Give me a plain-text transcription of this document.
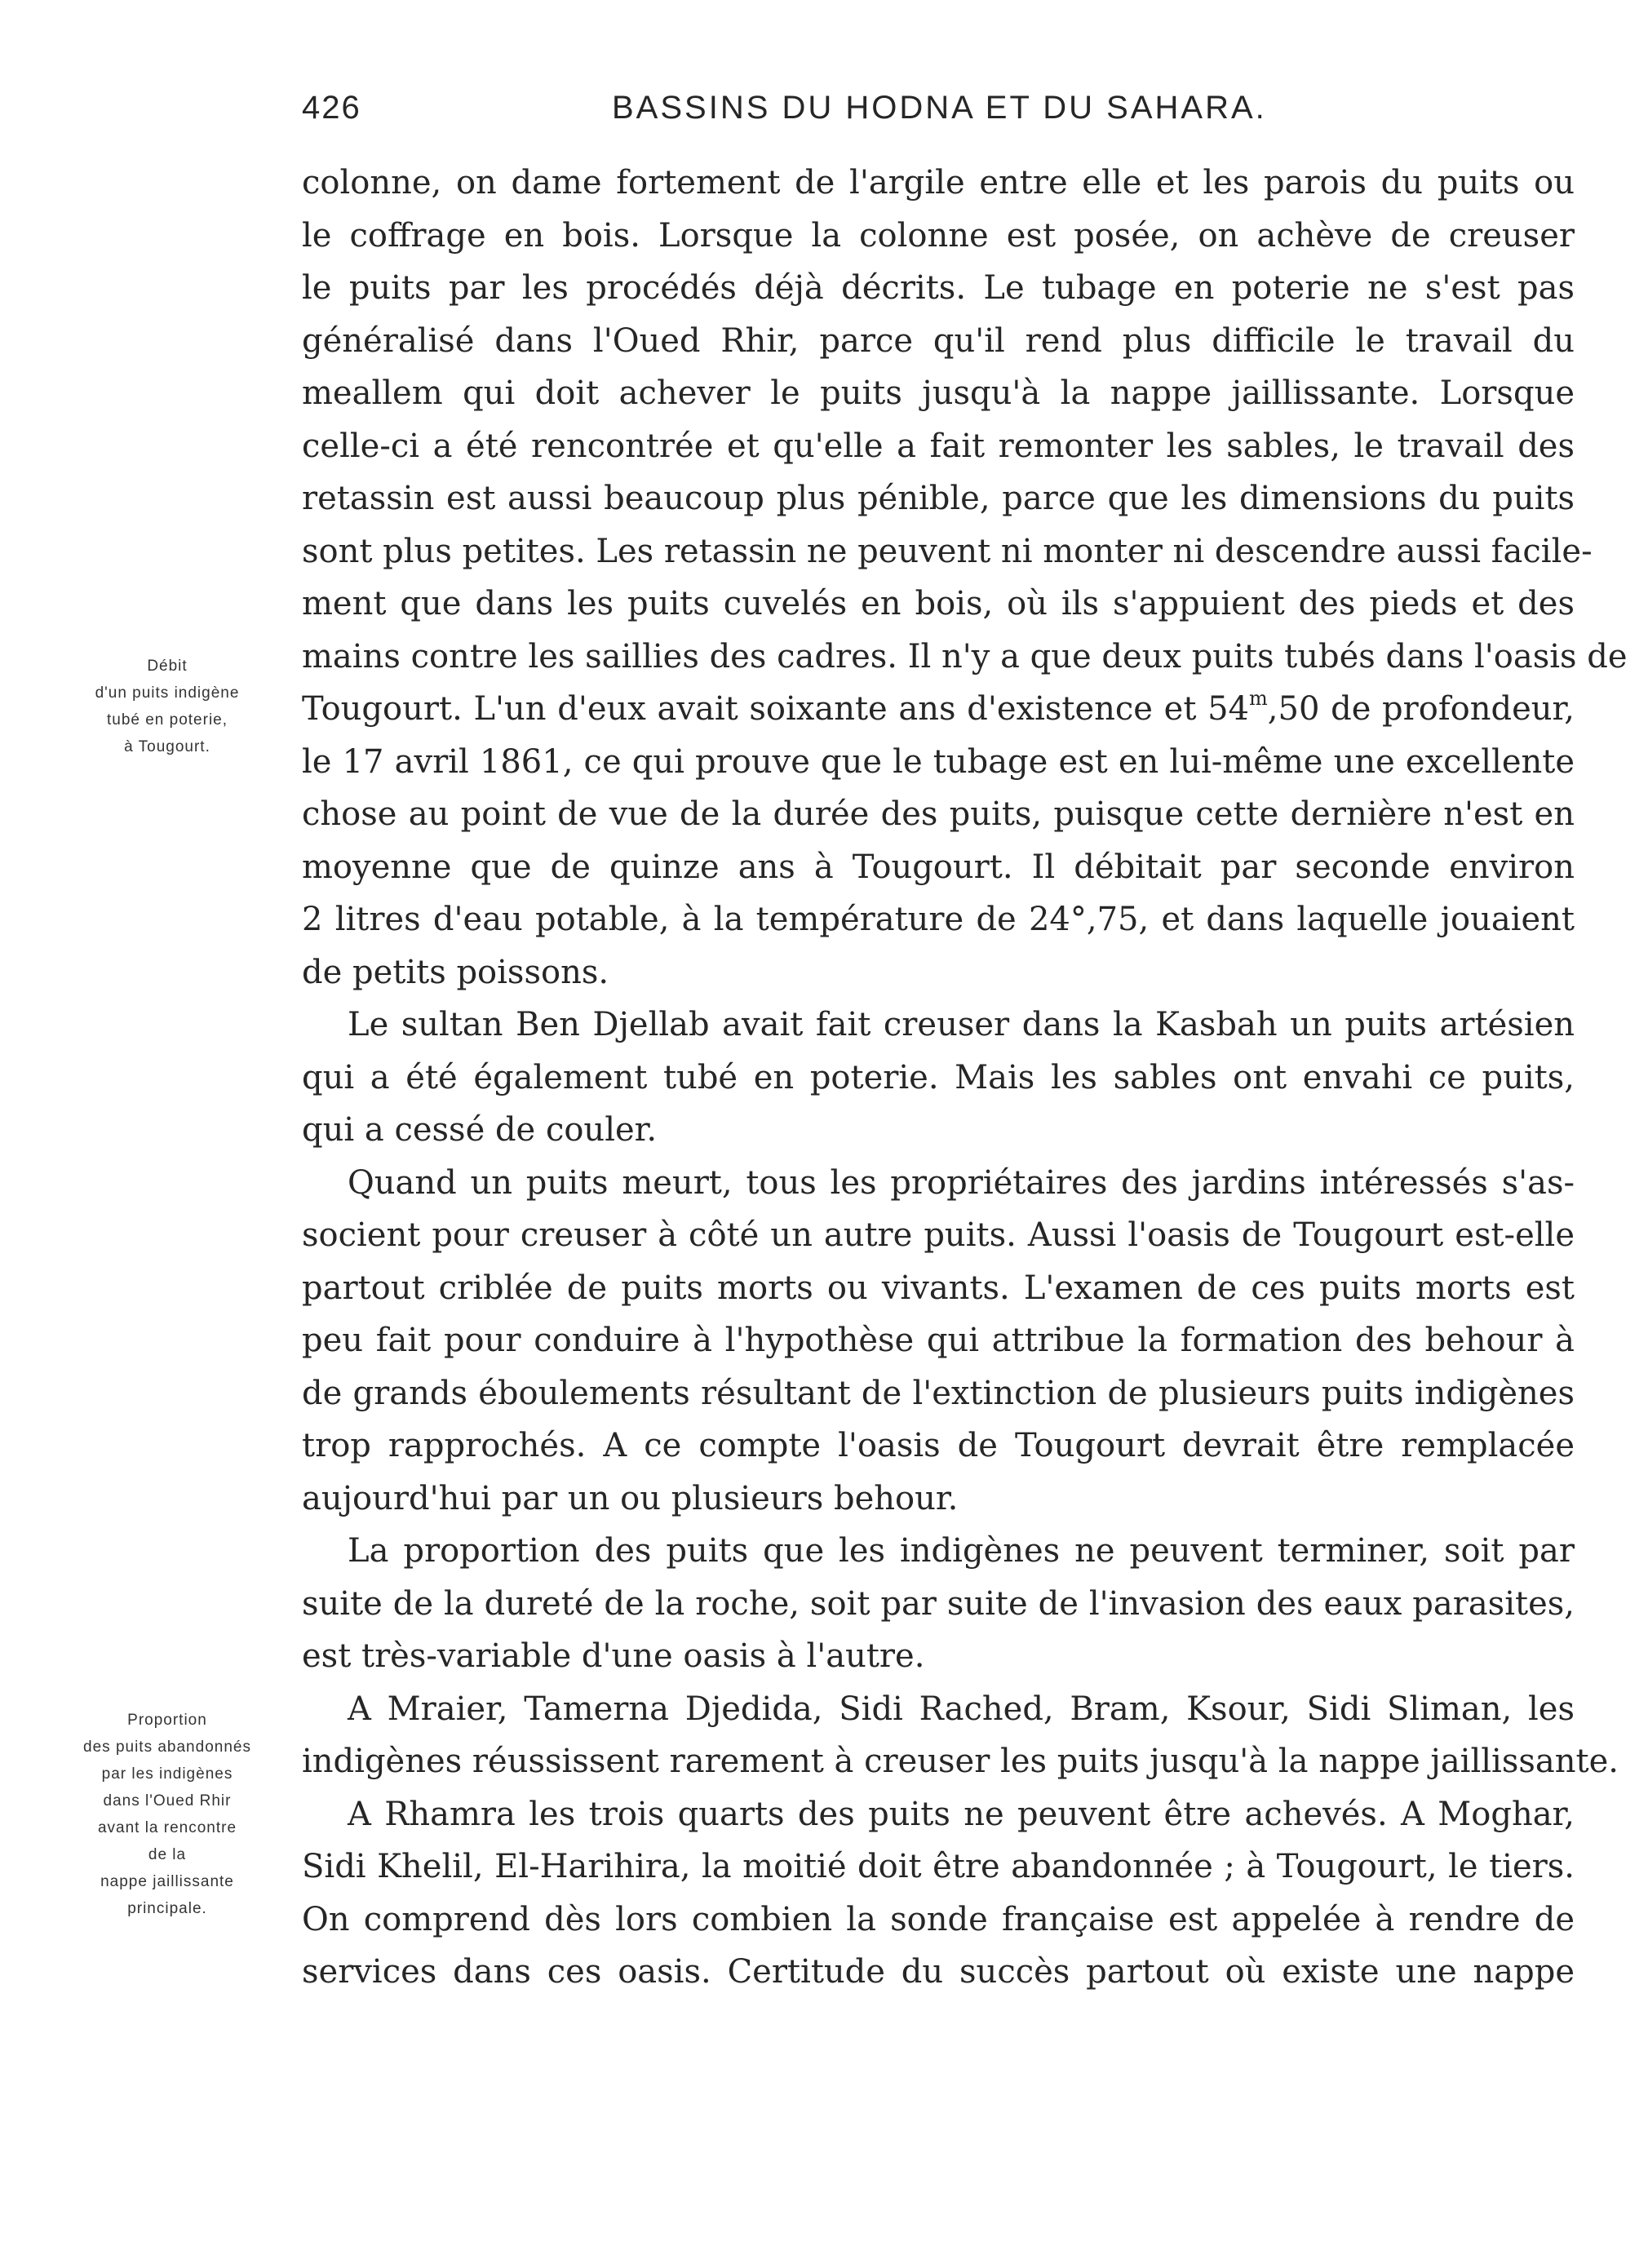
426	BASSINS DU HODNA ET DU SAHARA.
Débit
d'un puits indigène
tubé en poterie,
à Tougourt.
Proportion
des puits abandonnés
par les indigènes
dans l'Oued Rhir
avant la rencontre
de la
nappe jaillissante
principale.
colonne, on dame fortement de l'argile entre elle et les parois du puits ou
le coffrage en bois. Lorsque la colonne est posée, on achève de creuser
le puits par les procédés déjà décrits. Le tubage en poterie ne s'est pas
généralisé dans l'Oued Rhir, parce qu'il rend plus difficile le travail du
meallem qui doit achever le puits jusqu'à la nappe jaillissante. Lorsque
celle-ci a été rencontrée et qu'elle a fait remonter les sables, le travail des
retassin est aussi beaucoup plus pénible, parce que les dimensions du puits
sont plus petites. Les retassin ne peuvent ni monter ni descendre aussi facile-
ment que dans les puits cuvelés en bois, où ils s'appuient des pieds et des
mains contre les saillies des cadres. Il n'y a que deux puits tubés dans l'oasis de
Tougourt. L'un d'eux avait soixante ans d'existence et 54$^m$,50 de profondeur,
le 17 avril 1861, ce qui prouve que le tubage est en lui-même une excellente
chose au point de vue de la durée des puits, puisque cette dernière n'est en
moyenne que de quinze ans à Tougourt. Il débitait par seconde environ
2 litres d'eau potable, à la température de 24°,75, et dans laquelle jouaient
de petits poissons.
Le sultan Ben Djellab avait fait creuser dans la Kasbah un puits artésien
qui a été également tubé en poterie. Mais les sables ont envahi ce puits,
qui a cessé de couler.
Quand un puits meurt, tous les propriétaires des jardins intéressés s'as-
socient pour creuser à côté un autre puits. Aussi l'oasis de Tougourt est-elle
partout criblée de puits morts ou vivants. L'examen de ces puits morts est
peu fait pour conduire à l'hypothèse qui attribue la formation des behour à
de grands éboulements résultant de l'extinction de plusieurs puits indigènes
trop rapprochés. A ce compte l'oasis de Tougourt devrait être remplacée
aujourd'hui par un ou plusieurs behour.
La proportion des puits que les indigènes ne peuvent terminer, soit par
suite de la dureté de la roche, soit par suite de l'invasion des eaux parasites,
est très-variable d'une oasis à l'autre.
A Mraier, Tamerna Djedida, Sidi Rached, Bram, Ksour, Sidi Sliman, les
indigènes réussissent rarement à creuser les puits jusqu'à la nappe jaillissante.
A Rhamra les trois quarts des puits ne peuvent être achevés. A Moghar,
Sidi Khelil, El-Harihira, la moitié doit être abandonnée ; à Tougourt, le tiers.
On comprend dès lors combien la sonde française est appelée à rendre de
services dans ces oasis. Certitude du succès partout où existe une nappe
